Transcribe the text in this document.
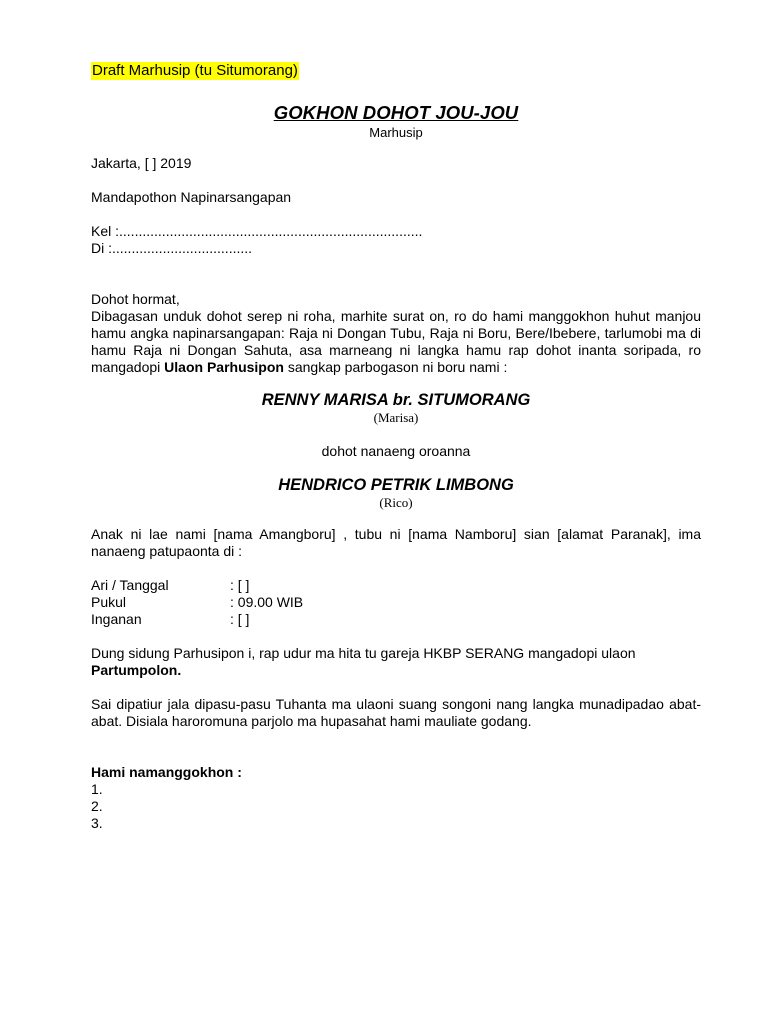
Draft Marhusip (tu Situmorang)
GOKHON DOHOT JOU-JOU
Marhusip

Jakarta, [ ] 2019

Mandapothon Napinarsangapan

Kel :..............................................................................

Di :....................................

Dohot hormat,

Dibagasan unduk dohot serep ni roha, marhite surat on, ro do hami manggokhon huhut manjou hamu angka napinarsangapan: Raja ni Dongan Tubu, Raja ni Boru, Bere/Ibebere, tarlumobi ma di hamu Raja ni Dongan Sahuta, asa marneang ni langka hamu rap dohot inanta soripada, ro mangadopi Ulaon Parhusipon sangkap parbogason ni boru nami :

RENNY MARISA br. SITUMORANG
(Marisa)
dohot nanaeng oroanna
HENDRICO PETRIK LIMBONG
(Rico)

Anak ni lae nami [nama Amangboru] , tubu ni [nama Namboru] sian [alamat Paranak], ima nanaeng patupaonta di :

Ari / Tanggal	: [ ]
Pukul	: 09.00 WIB
Inganan	: [ ]

Dung sidung Parhusipon i, rap udur ma hita tu gareja HKBP SERANG mangadopi ulaon Partumpolon.

Sai dipatiur jala dipasu-pasu Tuhanta ma ulaoni suang songoni nang langka munadipadao abat-abat. Disiala haroromuna parjolo ma hupasahat hami mauliate godang.

Hami namanggokhon :

1.

2.

3.
